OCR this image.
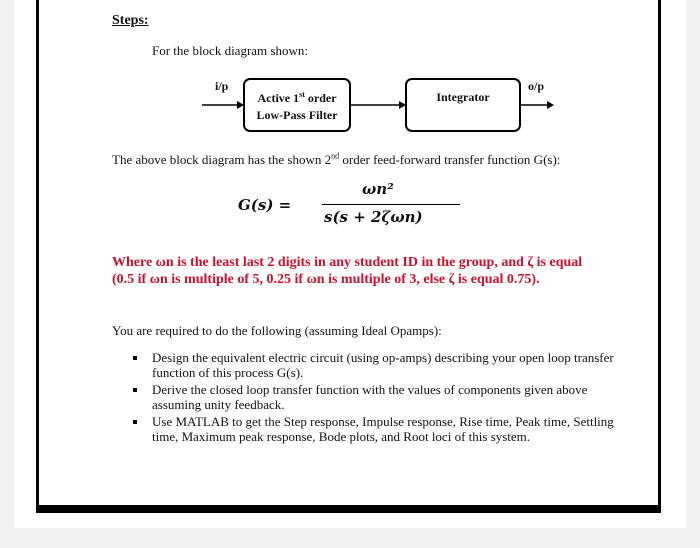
Steps:
For the block diagram shown:
i/p	o/p
Active 1st order
Low-Pass Filter
Integrator
The above block diagram has the shown 2nd order feed-forward transfer function G(s):
G(s) =
ωn²
s(s + 2ζωn)
Where ωn is the least last 2 digits in any student ID in the group, and ζ is equal (0.5 if ωn is multiple of 5, 0.25 if ωn is multiple of 3, else ζ is equal 0.75).
You are required to do the following (assuming Ideal Opamps):
Design the equivalent electric circuit (using op-amps) describing your open loop transfer function of this process G(s).
Derive the closed loop transfer function with the values of components given above assuming unity feedback.
Use MATLAB to get the Step response, Impulse response, Rise time, Peak time, Settling time, Maximum peak response, Bode plots, and Root loci of this system.
